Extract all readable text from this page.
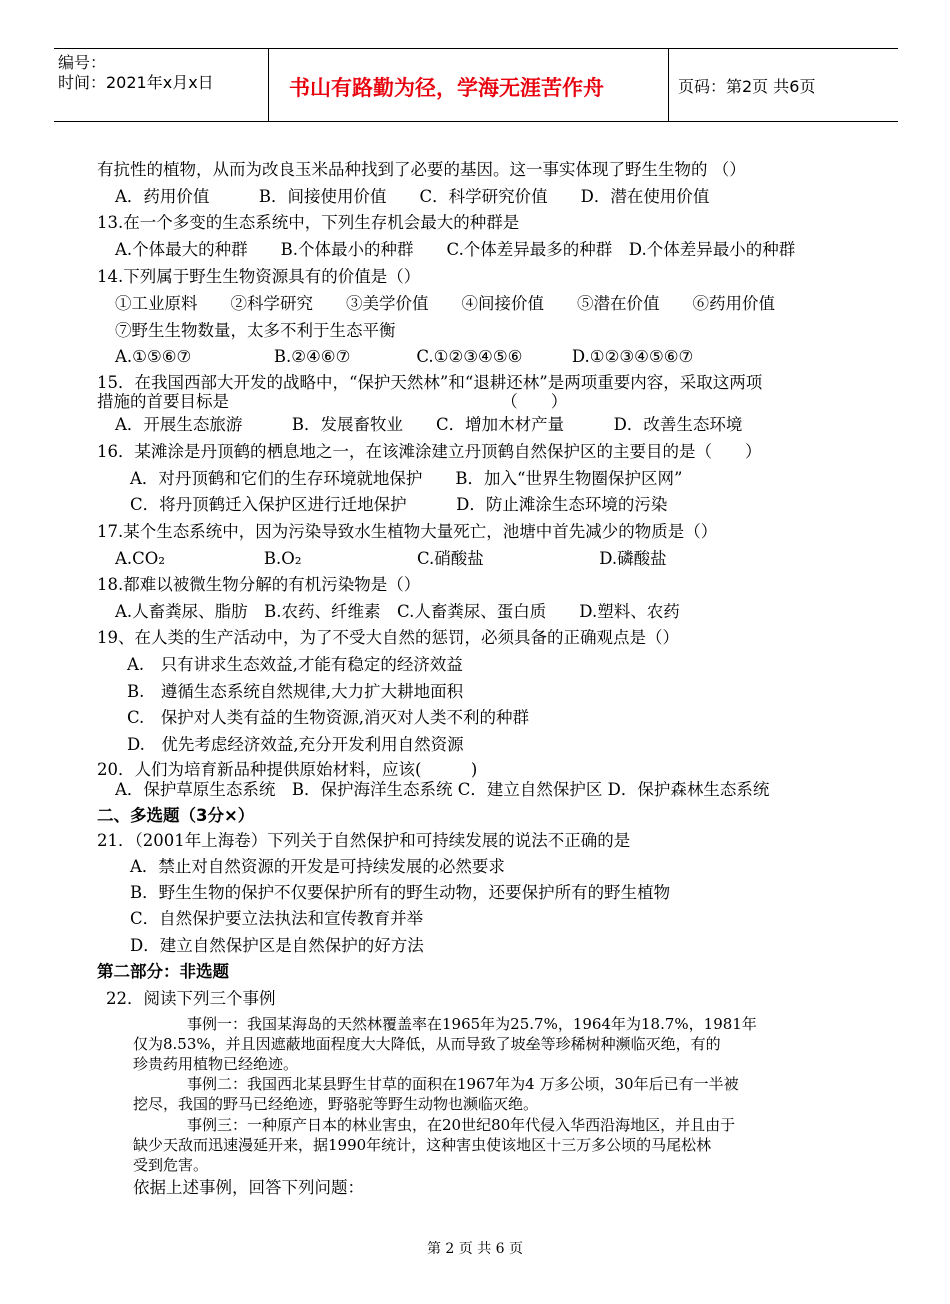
编号：
时间：2021年x月x日	书山有路勤为径，学海无涯苦作舟	页码：第2页 共6页
有抗性的植物，从而为改良玉米品种找到了必要的基因。这一事实体现了野生生物的 （）
A．药用价值　　　B．间接使用价值　　C．科学研究价值　　D．潜在使用价值
13.在一个多变的生态系统中，下列生存机会最大的种群是
A.个体最大的种群　　B.个体最小的种群　　C.个体差异最多的种群　D.个体差异最小的种群
14.下列属于野生生物资源具有的价值是（）
①工业原料　　②科学研究　　③美学价值　　④间接价值　　⑤潜在价值　　⑥药用价值
⑦野生生物数量，太多不利于生态平衡
A.①⑤⑥⑦　　　　　B.②④⑥⑦　　　　C.①②③④⑤⑥　　　D.①②③④⑤⑥⑦
15．在我国西部大开发的战略中，“保护天然林”和“退耕还林”是两项重要内容，采取这两项
措施的首要目标是　　　　　　　　　　　　　　　　　（　　）
A．开展生态旅游　　　B．发展畜牧业　　C．增加木材产量　　　D．改善生态环境
16．某滩涂是丹顶鹤的栖息地之一，在该滩涂建立丹顶鹤自然保护区的主要目的是（　　）
A．对丹顶鹤和它们的生存环境就地保护　　B．加入“世界生物圈保护区网”
C．将丹顶鹤迁入保护区进行迁地保护　　　D．防止滩涂生态环境的污染
17.某个生态系统中，因为污染导致水生植物大量死亡，池塘中首先减少的物质是（）
A.CO₂　　　　　　B.O₂　　　　　　　C.硝酸盐　　　　　　　D.磷酸盐
18.都难以被微生物分解的有机污染物是（）
A.人畜粪尿、脂肪　B.农药、纤维素　C.人畜粪尿、蛋白质　　D.塑料、农药
19、在人类的生产活动中，为了不受大自然的惩罚，必须具备的正确观点是（）
A.　只有讲求生态效益,才能有稳定的经济效益
B.　遵循生态系统自然规律,大力扩大耕地面积
C.　保护对人类有益的生物资源,消灭对人类不利的种群
D.　优先考虑经济效益,充分开发利用自然资源
20．人们为培育新品种提供原始材料，应该(　　　)
A．保护草原生态系统　B．保护海洋生态系统 C．建立自然保护区 D．保护森林生态系统
二、多选题（3分×）
21．（2001年上海卷）下列关于自然保护和可持续发展的说法不正确的是
A．禁止对自然资源的开发是可持续发展的必然要求
B．野生生物的保护不仅要保护所有的野生动物，还要保护所有的野生植物
C．自然保护要立法执法和宣传教育并举
D．建立自然保护区是自然保护的好方法
第二部分：非选题
22．阅读下列三个事例
事例一：我国某海岛的天然林覆盖率在1965年为25.7%，1964年为18.7%，1981年
仅为8.53%，并且因遮蔽地面程度大大降低，从而导致了坡垒等珍稀树种濒临灭绝，有的
珍贵药用植物已经绝迹。
事例二：我国西北某县野生甘草的面积在1967年为4 万多公顷，30年后已有一半被
挖尽，我国的野马已经绝迹，野骆驼等野生动物也濒临灭绝。
事例三：一种原产日本的林业害虫，在20世纪80年代侵入华西沿海地区，并且由于
缺少天敌而迅速漫延开来，据1990年统计，这种害虫使该地区十三万多公顷的马尾松林
受到危害。
依据上述事例，回答下列问题：
第 2 页 共 6 页
